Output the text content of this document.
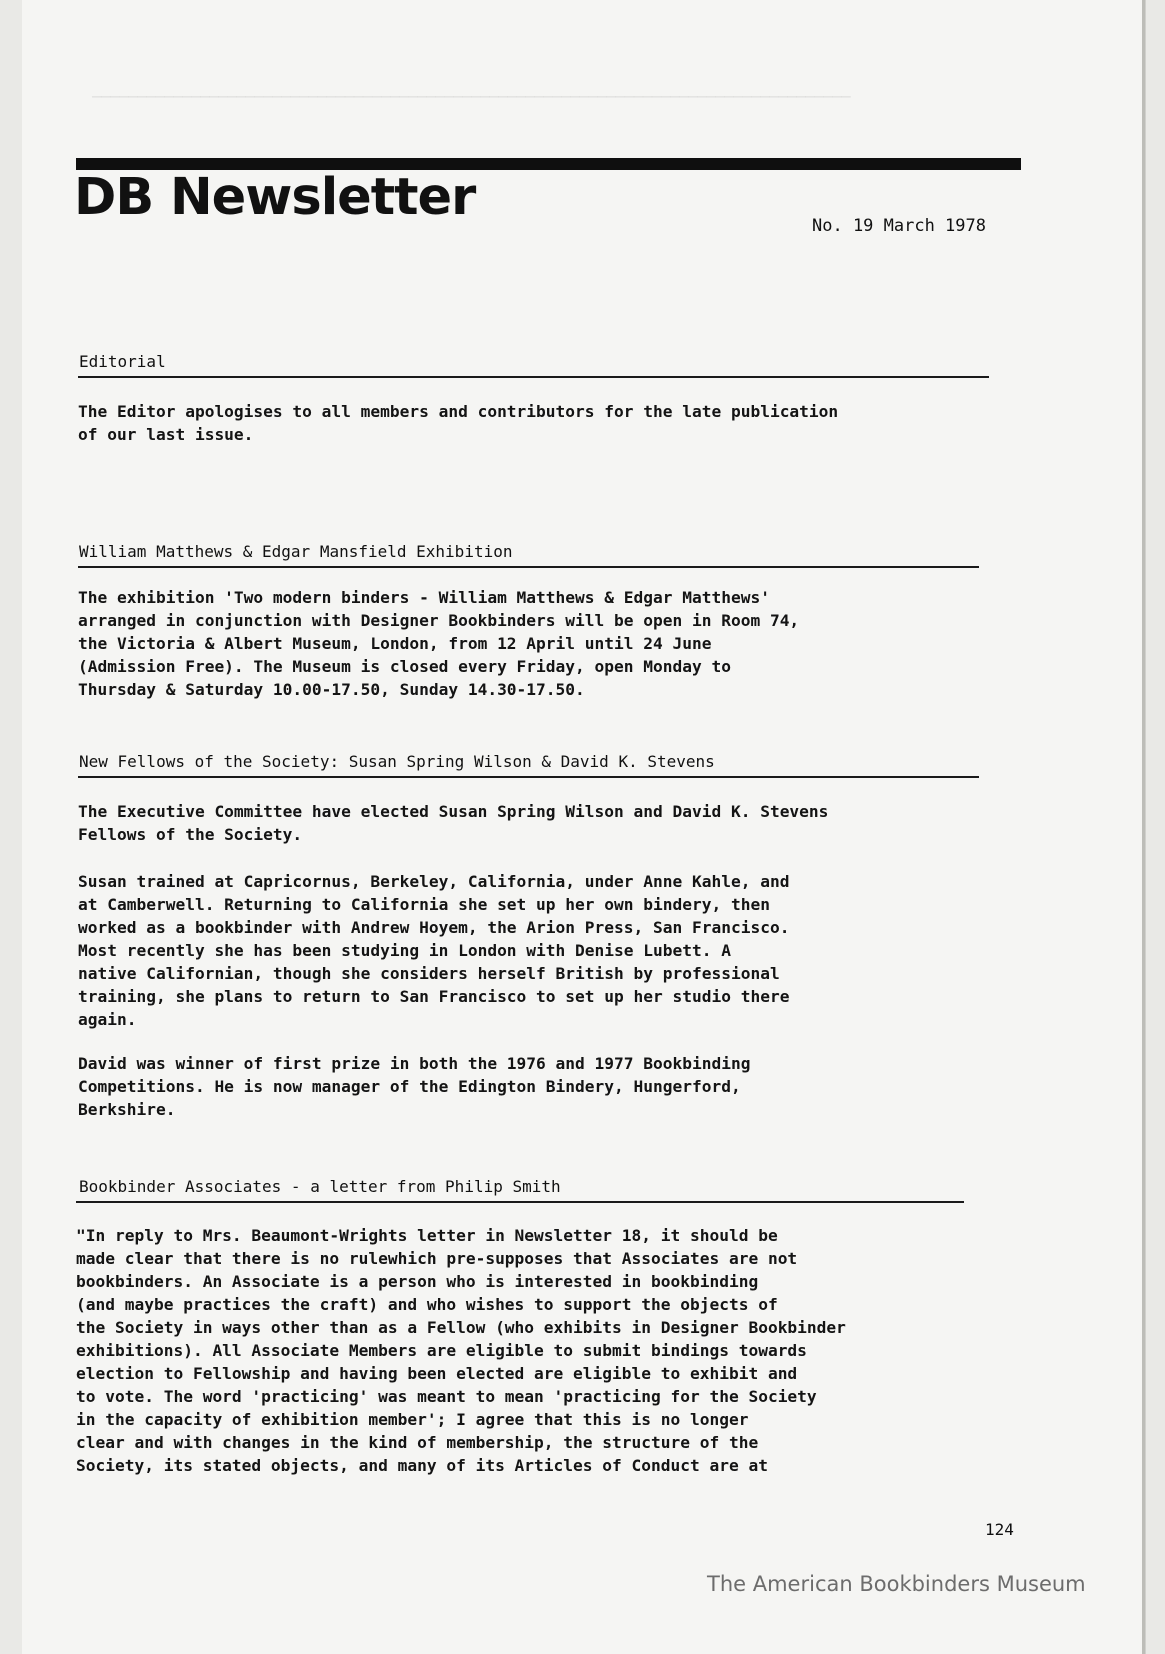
────────────────────────────────────────────────────────────────────────────────────
DB Newsletter	No. 19 March 1978
Editorial
The Editor apologises to all members and contributors for the late publication
of our last issue.
William Matthews & Edgar Mansfield Exhibition
The exhibition 'Two modern binders - William Matthews & Edgar Matthews'
arranged in conjunction with Designer Bookbinders will be open in Room 74,
the Victoria & Albert Museum, London, from 12 April until 24 June
(Admission Free). The Museum is closed every Friday, open Monday to
Thursday & Saturday 10.00-17.50, Sunday 14.30-17.50.
New Fellows of the Society: Susan Spring Wilson & David K. Stevens
The Executive Committee have elected Susan Spring Wilson and David K. Stevens
Fellows of the Society.
Susan trained at Capricornus, Berkeley, California, under Anne Kahle, and
at Camberwell. Returning to California she set up her own bindery, then
worked as a bookbinder with Andrew Hoyem, the Arion Press, San Francisco.
Most recently she has been studying in London with Denise Lubett. A
native Californian, though she considers herself British by professional
training, she plans to return to San Francisco to set up her studio there
again.
David was winner of first prize in both the 1976 and 1977 Bookbinding
Competitions. He is now manager of the Edington Bindery, Hungerford,
Berkshire.
Bookbinder Associates - a letter from Philip Smith
"In reply to Mrs. Beaumont-Wrights letter in Newsletter 18, it should be
made clear that there is no rulewhich pre-supposes that Associates are not
bookbinders. An Associate is a person who is interested in bookbinding
(and maybe practices the craft) and who wishes to support the objects of
the Society in ways other than as a Fellow (who exhibits in Designer Bookbinder
exhibitions). All Associate Members are eligible to submit bindings towards
election to Fellowship and having been elected are eligible to exhibit and
to vote. The word 'practicing' was meant to mean 'practicing for the Society
in the capacity of exhibition member'; I agree that this is no longer
clear and with changes in the kind of membership, the structure of the
Society, its stated objects, and many of its Articles of Conduct are at
124
The American Bookbinders Museum
